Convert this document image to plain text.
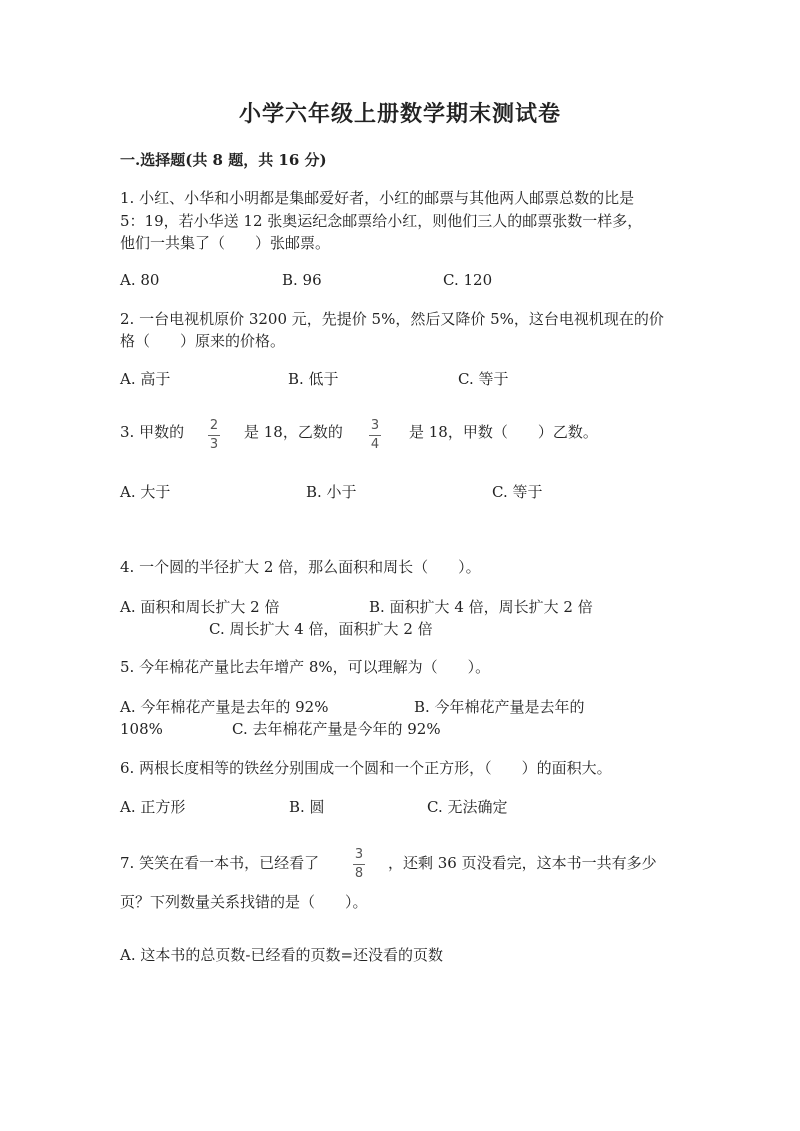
小学六年级上册数学期末测试卷
一.选择题(共 8 题，共 16 分)
1. 小红、小华和小明都是集邮爱好者，小红的邮票与其他两人邮票总数的比是
5：19，若小华送 12 张奥运纪念邮票给小红，则他们三人的邮票张数一样多，
他们一共集了（　　）张邮票。
A. 80	B. 96	C. 120
2. 一台电视机原价 3200 元，先提价 5%，然后又降价 5%，这台电视机现在的价
格（　　）原来的价格。
A. 高于	B. 低于	C. 等于
3. 甲数的 2
3
是 18，乙数的 3
4
是 18，甲数（　　）乙数。
A. 大于	B. 小于	C. 等于
4. 一个圆的半径扩大 2 倍，那么面积和周长（　　）。
A. 面积和周长扩大 2 倍	B. 面积扩大 4 倍，周长扩大 2 倍
C. 周长扩大 4 倍，面积扩大 2 倍
5. 今年棉花产量比去年增产 8%，可以理解为（　　）。
A. 今年棉花产量是去年的 92%	B. 今年棉花产量是去年的
108%	C. 去年棉花产量是今年的 92%
6. 两根长度相等的铁丝分别围成一个圆和一个正方形，（　　）的面积大。
A. 正方形	B. 圆	C. 无法确定
7. 笑笑在看一本书，已经看了	3
8
，还剩 36 页没看完，这本书一共有多少
页？下列数量关系找错的是（　　）。
A. 这本书的总页数-已经看的页数=还没看的页数
